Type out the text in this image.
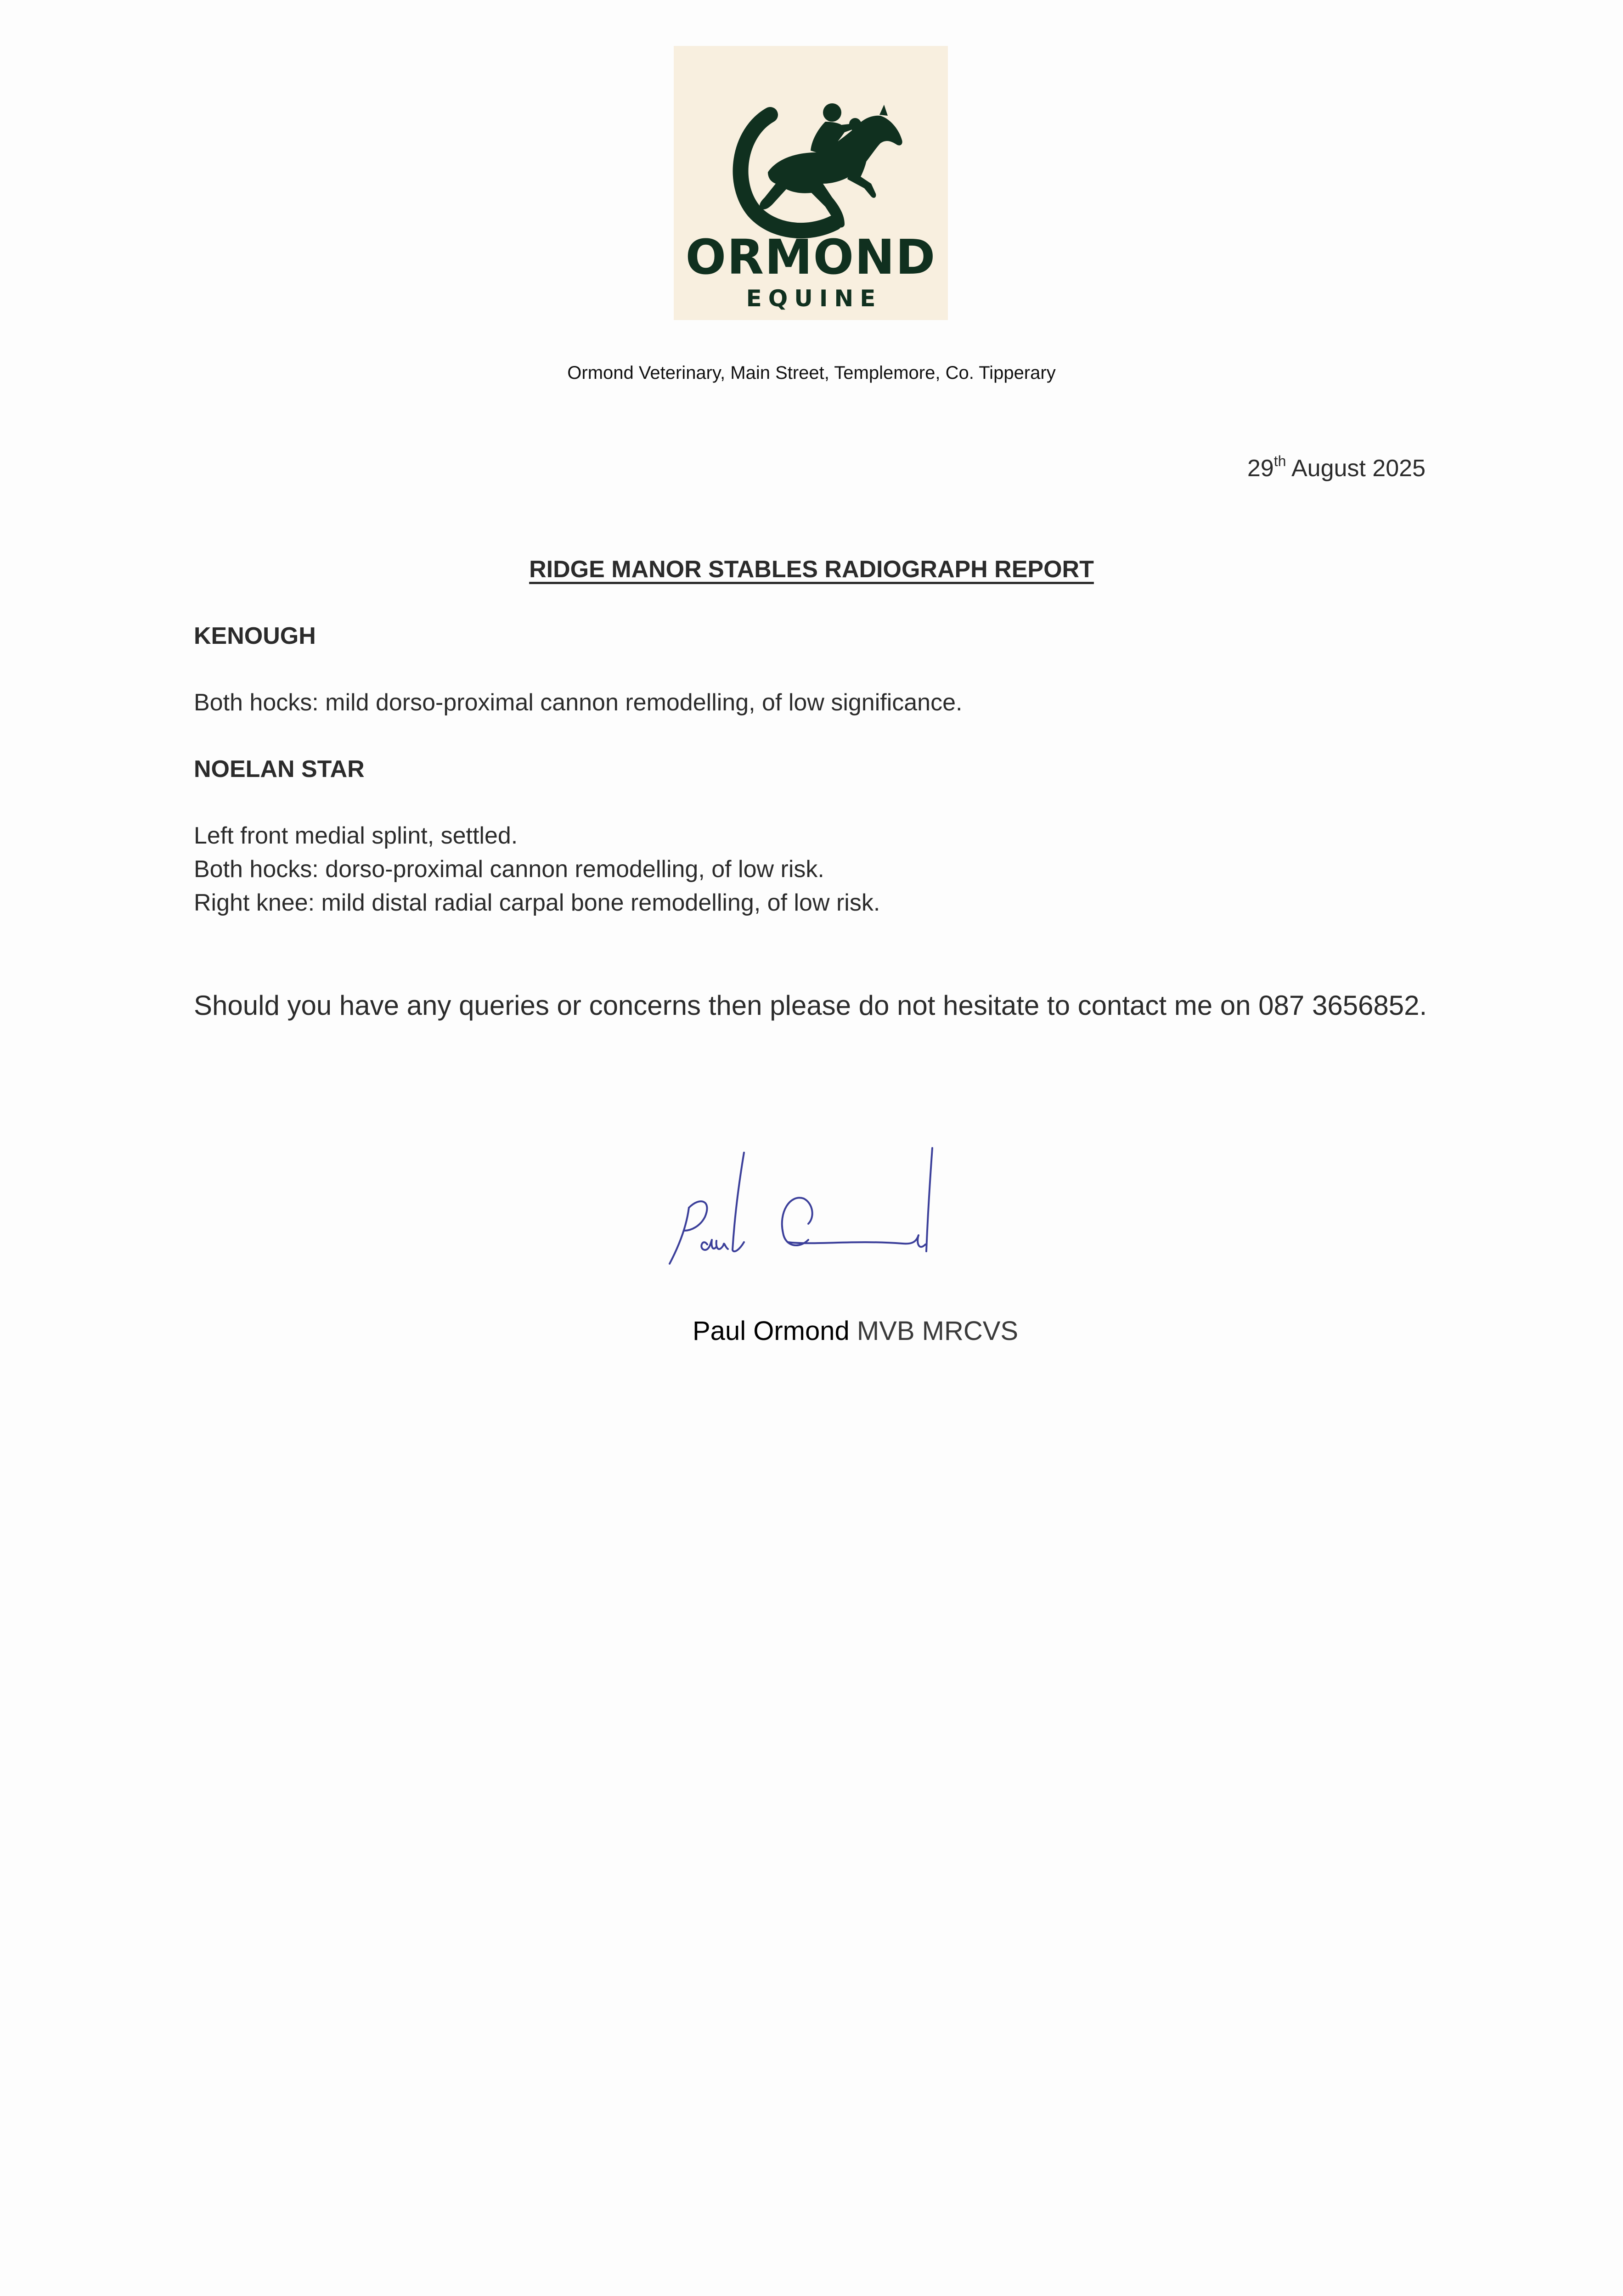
ORMOND
EQUINE
Ormond Veterinary, Main Street, Templemore, Co. Tipperary
29th August 2025
RIDGE MANOR STABLES RADIOGRAPH REPORT
KENOUGH
Both hocks: mild dorso-proximal cannon remodelling, of low significance.
NOELAN STAR
Left front medial splint, settled.
Both hocks: dorso-proximal cannon remodelling, of low risk.
Right knee: mild distal radial carpal bone remodelling, of low risk.
Should you have any queries or concerns then please do not hesitate to contact me on 087 3656852.
Paul Ormond MVB MRCVS
